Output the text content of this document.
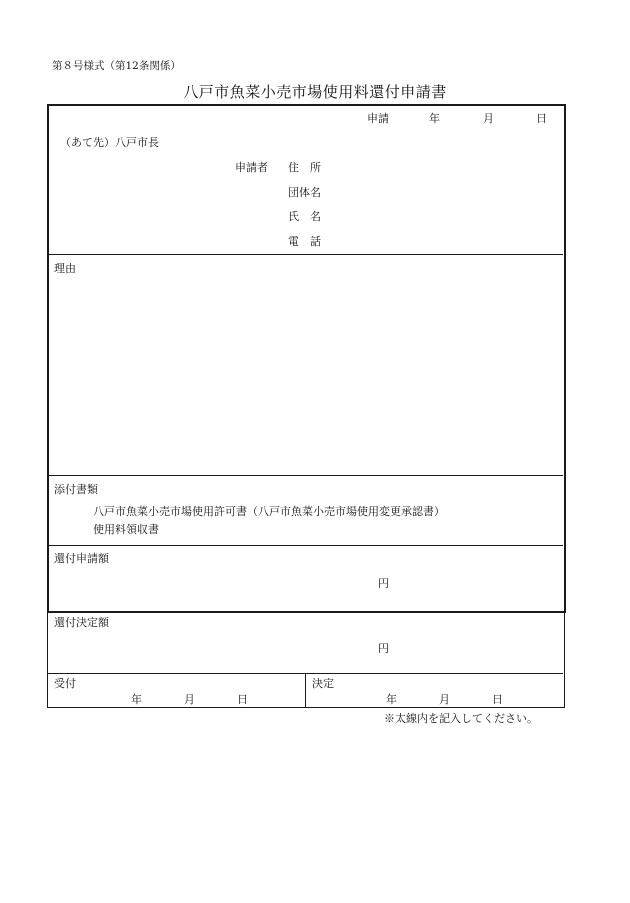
第８号様式（第12条関係）
八戸市魚菜小売市場使用料還付申請書
申請	年	月	日
（あて先）八戸市長
申請者 住　所
団体名
氏　名
電　話
理由
添付書類
八戸市魚菜小売市場使用許可書（八戸市魚菜小売市場使用変更承認書）
使用料領収書
還付申請額
円
還付決定額
円
受付
年	月	日
決定
年	月	日
※太線内を記入してください。
